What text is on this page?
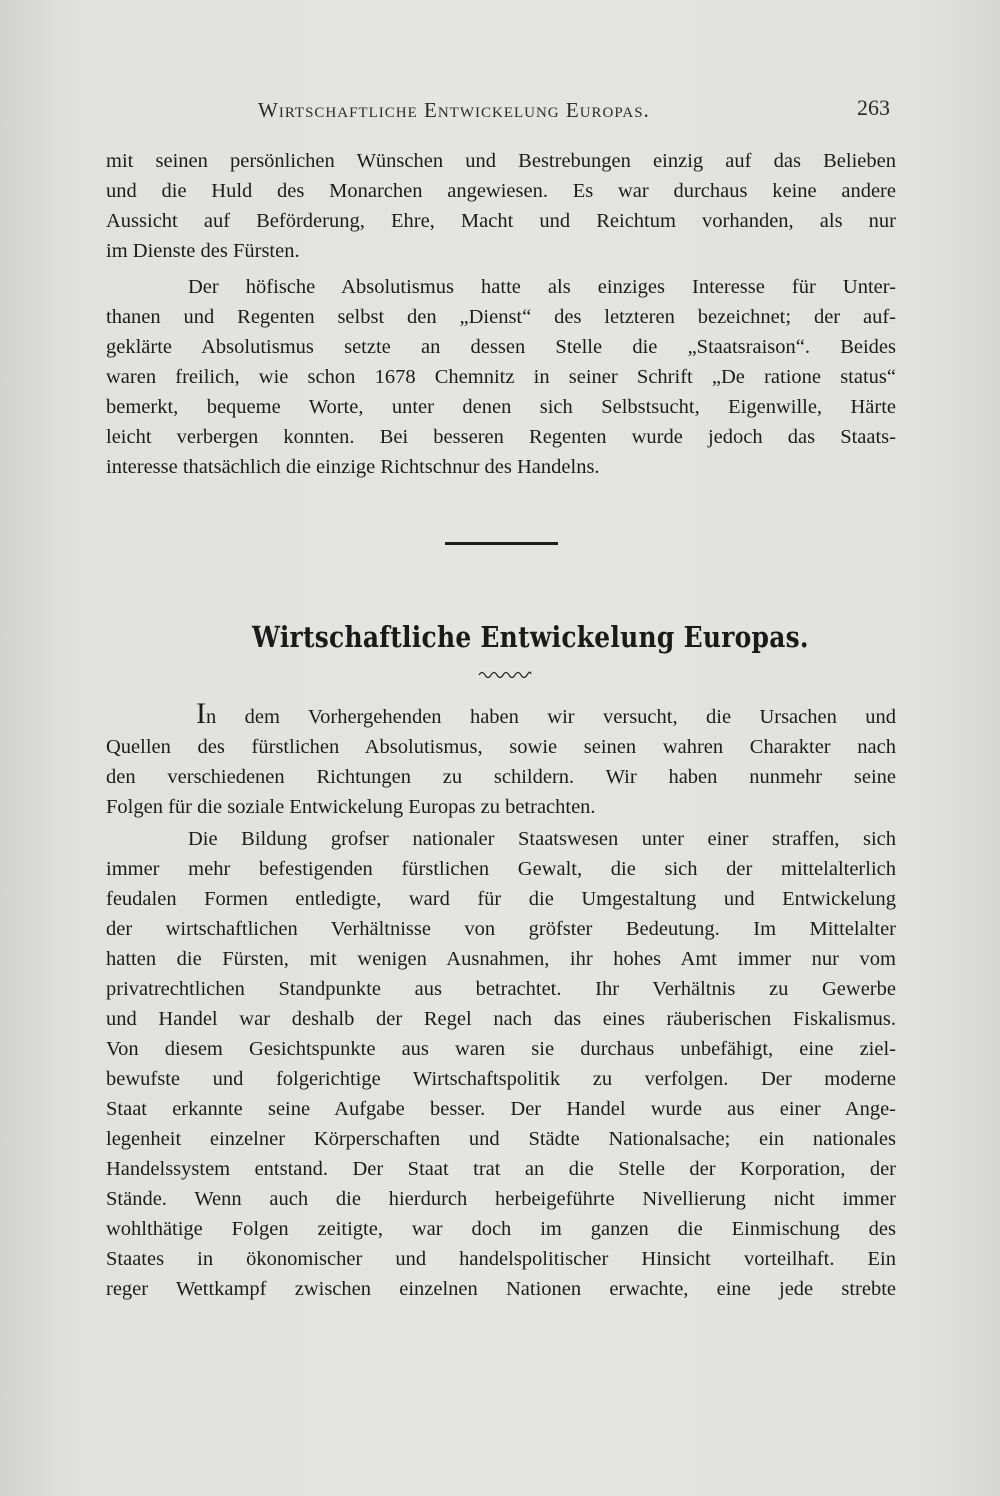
Wirtschaftliche Entwickelung Europas.	263
mit seinen persönlichen Wünschen und Bestrebungen einzig auf das Belieben
und die Huld des Monarchen angewiesen. Es war durchaus keine andere
Aussicht auf Beförderung, Ehre, Macht und Reichtum vorhanden, als nur
im Dienste des Fürsten.
Der höfische Absolutismus hatte als einziges Interesse für Unter-
thanen und Regenten selbst den „Dienst“ des letzteren bezeichnet; der auf-
geklärte Absolutismus setzte an dessen Stelle die „Staatsraison“. Beides
waren freilich, wie schon 1678 Chemnitz in seiner Schrift „De ratione status“
bemerkt, bequeme Worte, unter denen sich Selbstsucht, Eigenwille, Härte
leicht verbergen konnten. Bei besseren Regenten wurde jedoch das Staats-
interesse thatsächlich die einzige Richtschnur des Handelns.
Wirtschaftliche Entwickelung Europas.
In dem Vorhergehenden haben wir versucht, die Ursachen und
Quellen des fürstlichen Absolutismus, sowie seinen wahren Charakter nach
den verschiedenen Richtungen zu schildern. Wir haben nunmehr seine
Folgen für die soziale Entwickelung Europas zu betrachten.
Die Bildung grofser nationaler Staatswesen unter einer straffen, sich
immer mehr befestigenden fürstlichen Gewalt, die sich der mittelalterlich
feudalen Formen entledigte, ward für die Umgestaltung und Entwickelung
der wirtschaftlichen Verhältnisse von gröfster Bedeutung. Im Mittelalter
hatten die Fürsten, mit wenigen Ausnahmen, ihr hohes Amt immer nur vom
privatrechtlichen Standpunkte aus betrachtet. Ihr Verhältnis zu Gewerbe
und Handel war deshalb der Regel nach das eines räuberischen Fiskalismus.
Von diesem Gesichtspunkte aus waren sie durchaus unbefähigt, eine ziel-
bewufste und folgerichtige Wirtschaftspolitik zu verfolgen. Der moderne
Staat erkannte seine Aufgabe besser. Der Handel wurde aus einer Ange-
legenheit einzelner Körperschaften und Städte Nationalsache; ein nationales
Handelssystem entstand. Der Staat trat an die Stelle der Korporation, der
Stände. Wenn auch die hierdurch herbeigeführte Nivellierung nicht immer
wohlthätige Folgen zeitigte, war doch im ganzen die Einmischung des
Staates in ökonomischer und handelspolitischer Hinsicht vorteilhaft. Ein
reger Wettkampf zwischen einzelnen Nationen erwachte, eine jede strebte
